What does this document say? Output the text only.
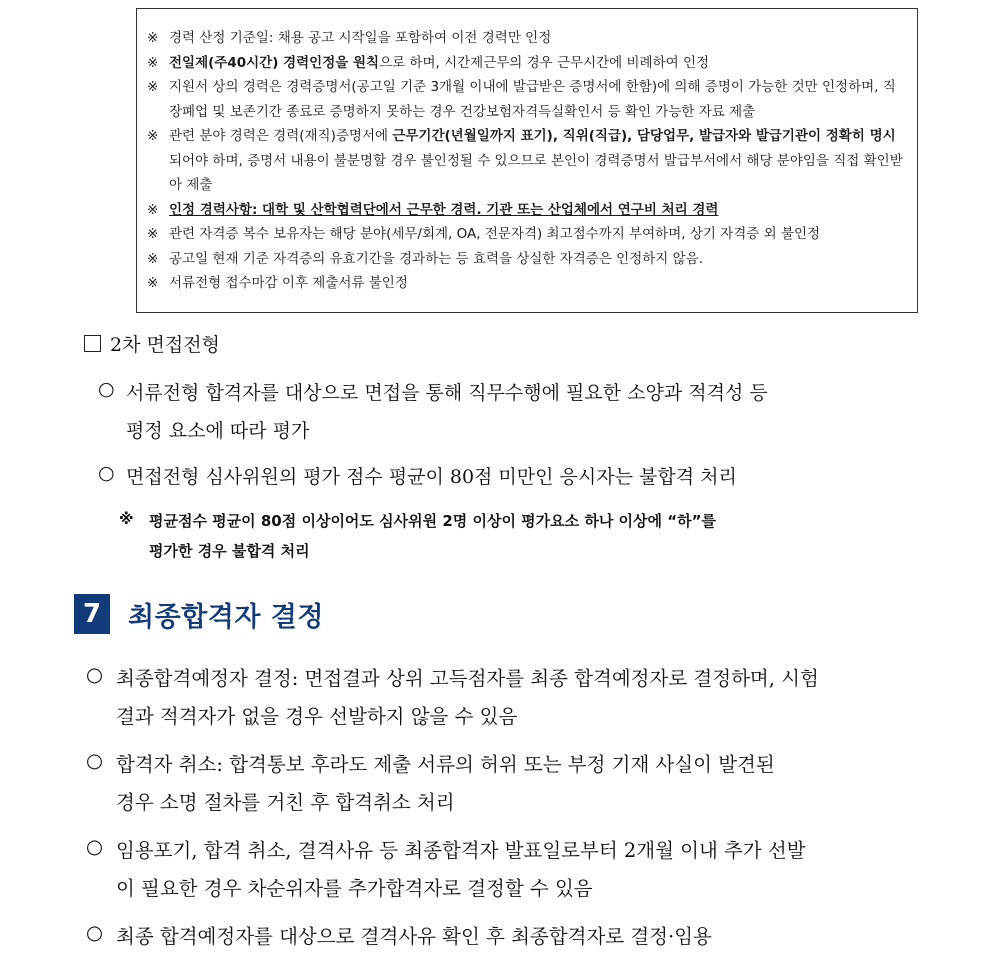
※ 경력 산정 기준일: 채용 공고 시작일을 포함하여 이전 경력만 인정
※ 전일제(주40시간) 경력인정을 원칙으로 하며, 시간제근무의 경우 근무시간에 비례하여 인정
※ 지원서 상의 경력은 경력증명서(공고일 기준 3개월 이내에 발급받은 증명서에 한함)에 의해 증명이 가능한 것만 인정하며, 직장폐업 및 보존기간 종료로 증명하지 못하는 경우 건강보험자격득실확인서 등 확인 가능한 자료 제출
※ 관련 분야 경력은 경력(재직)증명서에 근무기간(년월일까지 표기), 직위(직급), 담당업무, 발급자와 발급기관이 정확히 명시되어야 하며, 증명서 내용이 불분명할 경우 불인정될 수 있으므로 본인이 경력증명서 발급부서에서 해당 분야임을 직접 확인받아 제출
※ 인정 경력사항: 대학 및 산학협력단에서 근무한 경력. 기관 또는 산업체에서 연구비 처리 경력
※ 관련 자격증 복수 보유자는 해당 분야(세무/회계, OA, 전문자격) 최고점수까지 부여하며, 상기 자격증 외 불인정
※ 공고일 현재 기준 자격증의 유효기간을 경과하는 등 효력을 상실한 자격증은 인정하지 않음.
※ 서류전형 접수마감 이후 제출서류 불인정
2차 면접전형
○ 서류전형 합격자를 대상으로 면접을 통해 직무수행에 필요한 소양과 적격성 등
평정 요소에 따라 평가
○ 면접전형 심사위원의 평가 점수 평균이 80점 미만인 응시자는 불합격 처리
※ 평균점수 평균이 80점 이상이어도 심사위원 2명 이상이 평가요소 하나 이상에 “하”를
평가한 경우 불합격 처리
7 최종합격자 결정
○ 최종합격예정자 결정: 면접결과 상위 고득점자를 최종 합격예정자로 결정하며, 시험
결과 적격자가 없을 경우 선발하지 않을 수 있음
○ 합격자 취소: 합격통보 후라도 제출 서류의 허위 또는 부정 기재 사실이 발견된
경우 소명 절차를 거친 후 합격취소 처리
○ 임용포기, 합격 취소, 결격사유 등 최종합격자 발표일로부터 2개월 이내 추가 선발
이 필요한 경우 차순위자를 추가합격자로 결정할 수 있음
○ 최종 합격예정자를 대상으로 결격사유 확인 후 최종합격자로 결정·임용
